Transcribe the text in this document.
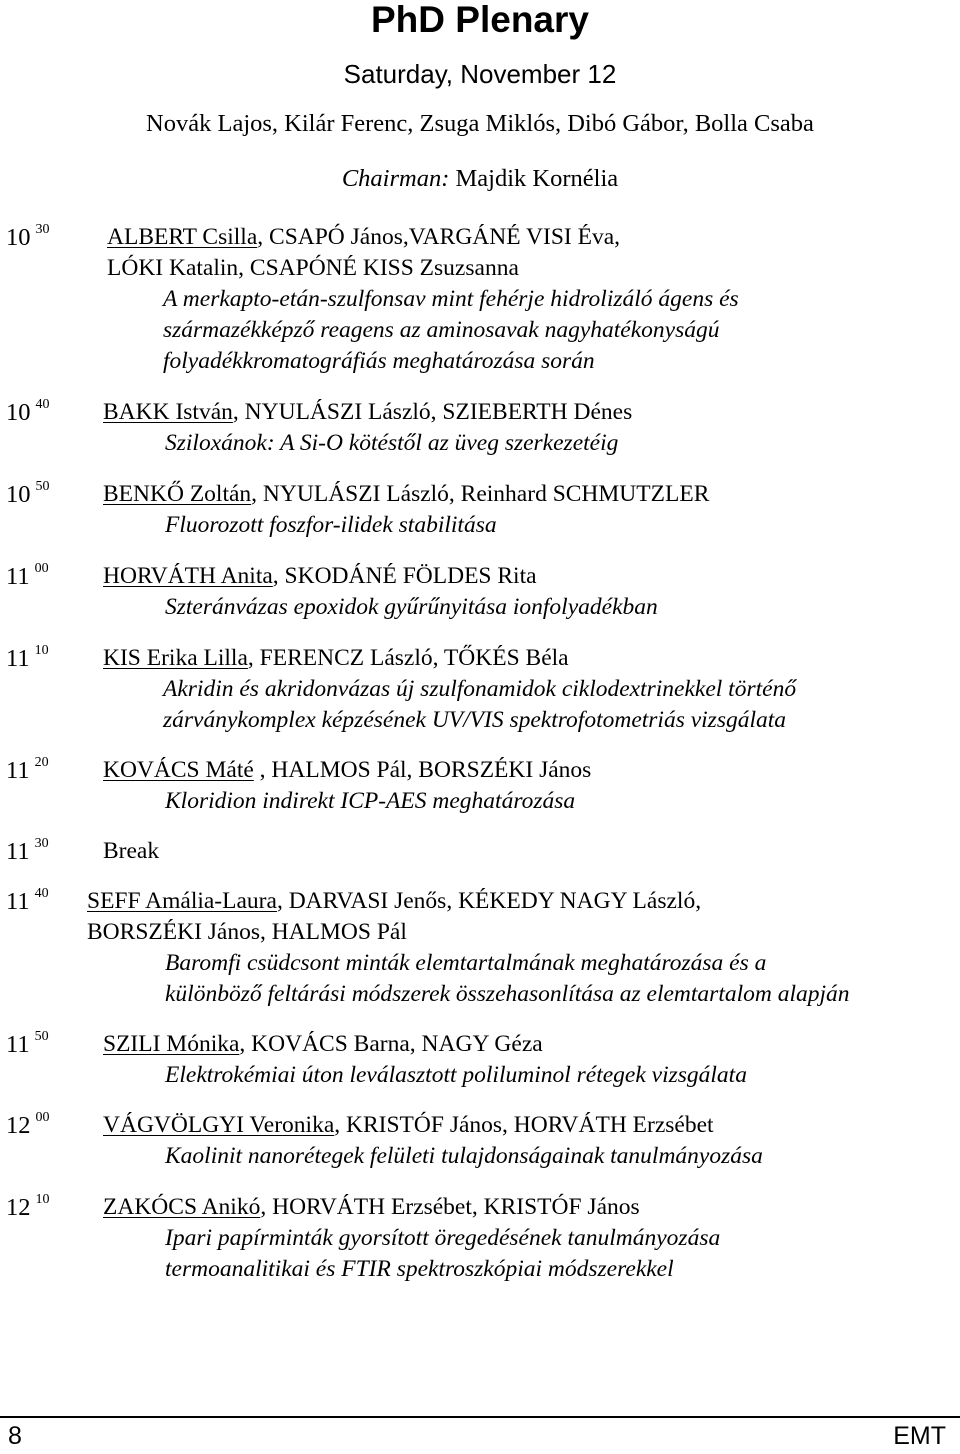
PhD Plenary
Saturday, November 12
Novák Lajos, Kilár Ferenc, Zsuga Miklós, Dibó Gábor, Bolla Csaba
Chairman: Majdik Kornélia
10 $^{30}$ ALBERT Csilla, CSAPÓ János,VARGÁNÉ VISI Éva,
LÓKI Katalin, CSAPÓNÉ KISS Zsuzsanna
A merkapto-etán-szulfonsav mint fehérje hidrolizáló ágens és
származékképző reagens az aminosavak nagyhatékonyságú
folyadékkromatográfiás meghatározása során
10 $^{40}$ BAKK István, NYULÁSZI László, SZIEBERTH Dénes
Sziloxánok: A Si-O kötéstől az üveg szerkezetéig
10 $^{50}$ BENKŐ Zoltán, NYULÁSZI László, Reinhard SCHMUTZLER
Fluorozott foszfor-ilidek stabilitása
11 $^{00}$ HORVÁTH Anita, SKODÁNÉ FÖLDES Rita
Szteránvázas epoxidok gyűrűnyitása ionfolyadékban
11 $^{10}$ KIS Erika Lilla, FERENCZ László, TŐKÉS Béla
Akridin és akridonvázas új szulfonamidok ciklodextrinekkel történő
zárványkomplex képzésének UV/VIS spektrofotometriás vizsgálata
11 $^{20}$ KOVÁCS Máté , HALMOS Pál, BORSZÉKI János
Kloridion indirekt ICP-AES meghatározása
11 $^{30}$ Break
11 $^{40}$ SEFF Amália-Laura, DARVASI Jenős, KÉKEDY NAGY László,
BORSZÉKI János, HALMOS Pál
Baromfi csüdcsont minták elemtartalmának meghatározása és a
különböző feltárási módszerek összehasonlítása az elemtartalom alapján
11 $^{50}$ SZILI Mónika, KOVÁCS Barna, NAGY Géza
Elektrokémiai úton leválasztott poliluminol rétegek vizsgálata
12 $^{00}$ VÁGVÖLGYI Veronika, KRISTÓF János, HORVÁTH Erzsébet
Kaolinit nanorétegek felületi tulajdonságainak tanulmányozása
12 $^{10}$ ZAKÓCS Anikó, HORVÁTH Erzsébet, KRISTÓF János
Ipari papírminták gyorsított öregedésének tanulmányozása
termoanalitikai és FTIR spektroszkópiai módszerekkel
8	EMT
